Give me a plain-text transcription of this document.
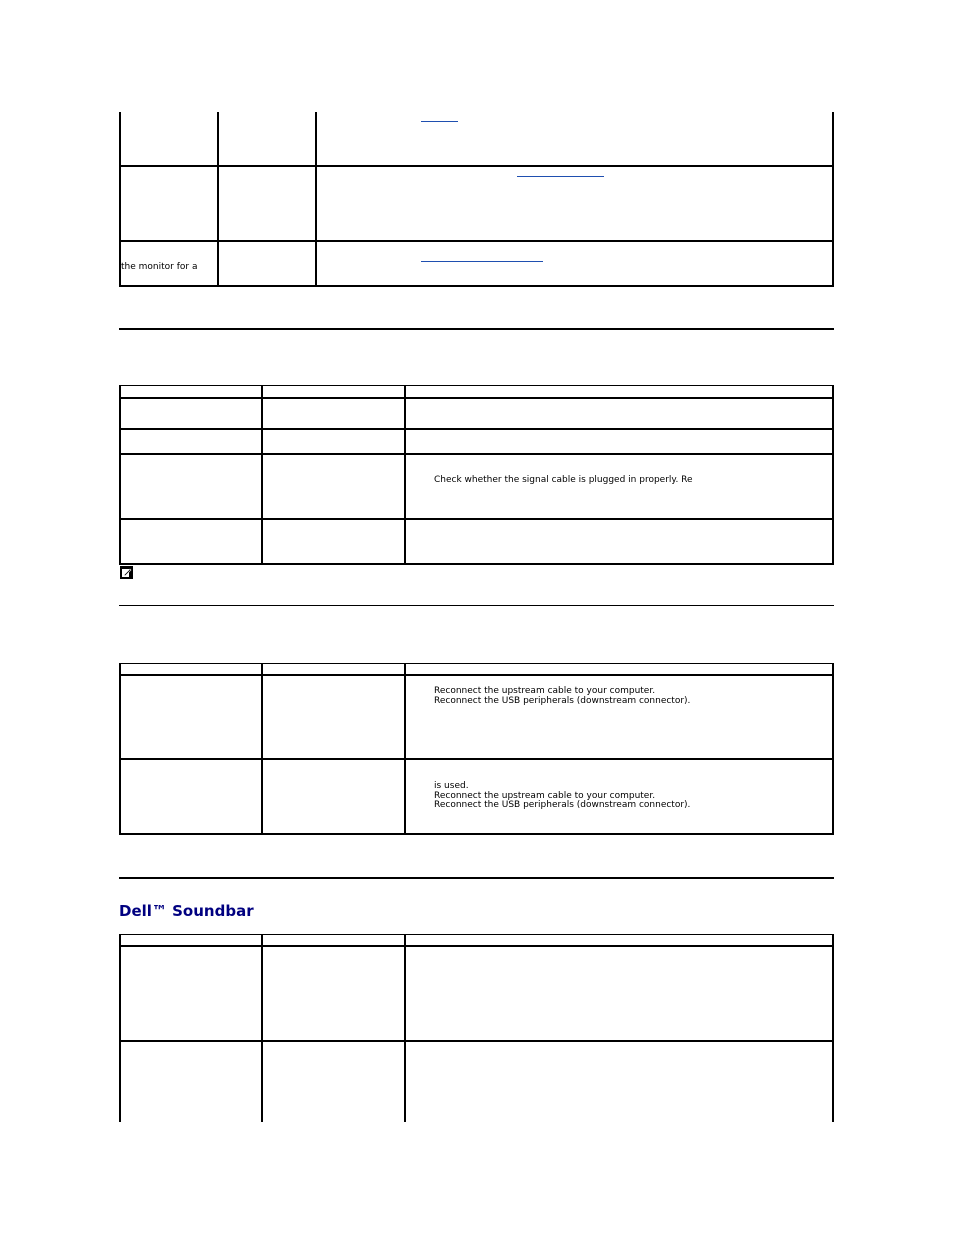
the monitor for a
Check whether the signal cable is plugged in properly. Re
Reconnect the upstream cable to your computer.
Reconnect the USB peripherals (downstream connector).
is used.
Reconnect the upstream cable to your computer.
Reconnect the USB peripherals (downstream connector).
Dell™ Soundbar
